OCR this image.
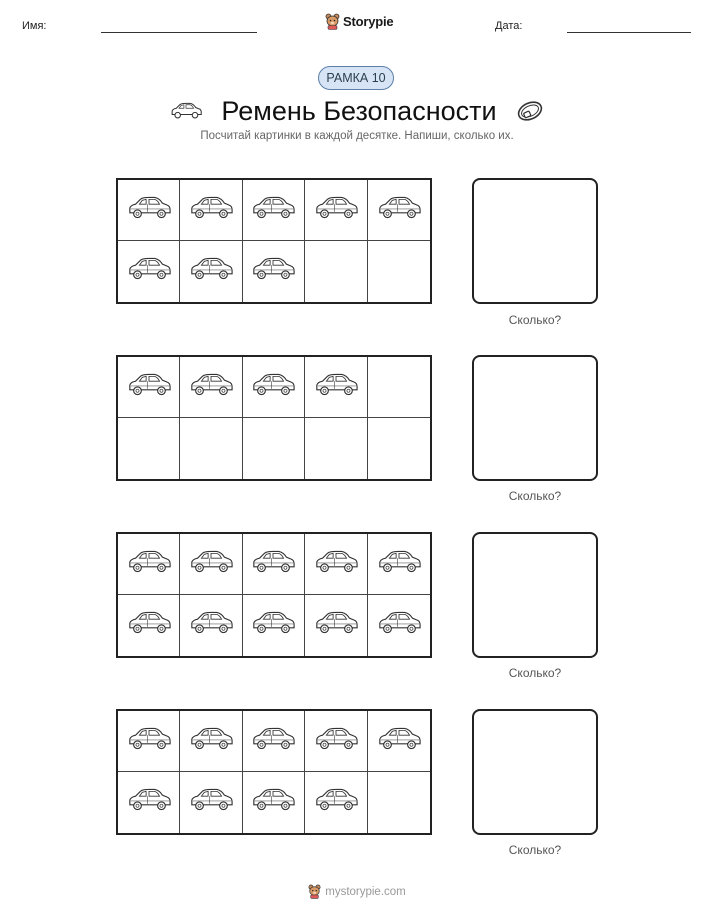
Имя:	Storypie	Дата:
РАМКА 10
Ремень Безопасности
Посчитай картинки в каждой десятке. Напиши, сколько их.
Сколько?
Сколько?
Сколько?
Сколько?
mystorypie.com
